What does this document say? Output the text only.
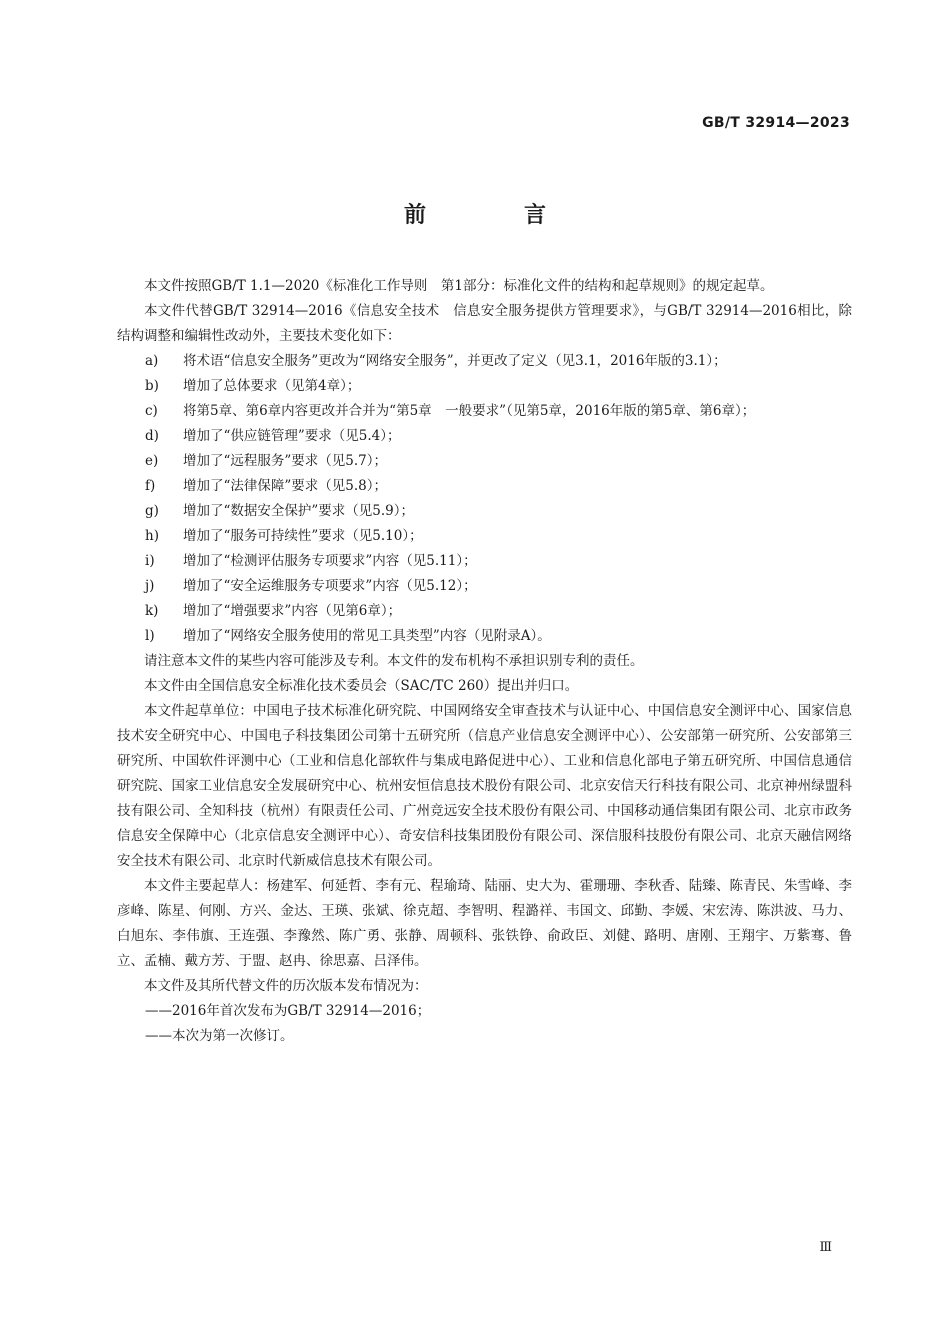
GB/T 32914—2023
前　言

本文件按照GB/T 1.1—2020《标准化工作导则　第1部分：标准化文件的结构和起草规则》的规定起草。

本文件代替GB/T 32914—2016《信息安全技术　信息安全服务提供方管理要求》，与GB/T 32914—2016相比，除结构调整和编辑性改动外，主要技术变化如下：

a)	将术语“信息安全服务”更改为“网络安全服务”，并更改了定义（见3.1，2016年版的3.1）；
b)	增加了总体要求（见第4章）；
c)	将第5章、第6章内容更改并合并为“第5章　一般要求”（见第5章，2016年版的第5章、第6章）；
d)	增加了“供应链管理”要求（见5.4）；
e)	增加了“远程服务”要求（见5.7）；
f)	增加了“法律保障”要求（见5.8）；
g)	增加了“数据安全保护”要求（见5.9）；
h)	增加了“服务可持续性”要求（见5.10）；
i)	增加了“检测评估服务专项要求”内容（见5.11）；
j)	增加了“安全运维服务专项要求”内容（见5.12）；
k)	增加了“增强要求”内容（见第6章）；
l)	增加了“网络安全服务使用的常见工具类型”内容（见附录A）。

请注意本文件的某些内容可能涉及专利。本文件的发布机构不承担识别专利的责任。

本文件由全国信息安全标准化技术委员会（SAC/TC 260）提出并归口。

本文件起草单位：中国电子技术标准化研究院、中国网络安全审查技术与认证中心、中国信息安全测评中心、国家信息技术安全研究中心、中国电子科技集团公司第十五研究所（信息产业信息安全测评中心）、公安部第一研究所、公安部第三研究所、中国软件评测中心（工业和信息化部软件与集成电路促进中心）、工业和信息化部电子第五研究所、中国信息通信研究院、国家工业信息安全发展研究中心、杭州安恒信息技术股份有限公司、北京安信天行科技有限公司、北京神州绿盟科技有限公司、全知科技（杭州）有限责任公司、广州竞远安全技术股份有限公司、中国移动通信集团有限公司、北京市政务信息安全保障中心（北京信息安全测评中心）、奇安信科技集团股份有限公司、深信服科技股份有限公司、北京天融信网络安全技术有限公司、北京时代新威信息技术有限公司。

本文件主要起草人：杨建军、何延哲、李有元、程瑜琦、陆丽、史大为、霍珊珊、李秋香、陆臻、陈青民、朱雪峰、李彦峰、陈星、何刚、方兴、金达、王瑛、张斌、徐克超、李智明、程潞祥、韦国文、邱勤、李媛、宋宏涛、陈洪波、马力、白旭东、李伟旗、王连强、李豫然、陈广勇、张静、周顿科、张铁铮、俞政臣、刘健、路明、唐刚、王翔宇、万紫骞、鲁立、孟楠、戴方芳、于盟、赵冉、徐思嘉、吕泽伟。

本文件及其所代替文件的历次版本发布情况为：

——2016年首次发布为GB/T 32914—2016；

——本次为第一次修订。

Ⅲ
